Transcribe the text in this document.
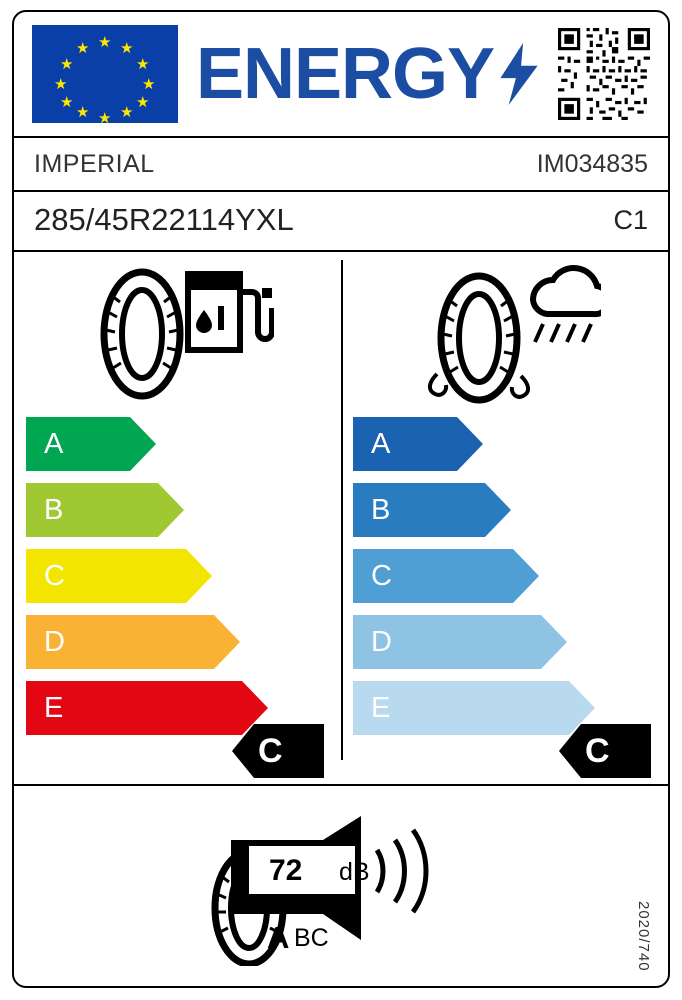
★
★ ★
★	★
★	★
★	★
★ ★
★
ENERGY
IMPERIAL	IM034835
285/45R22114YXL	C1
A
B
C
D
E
C
A
B
C
D
E
C
72 dB
A BC	2020/740
